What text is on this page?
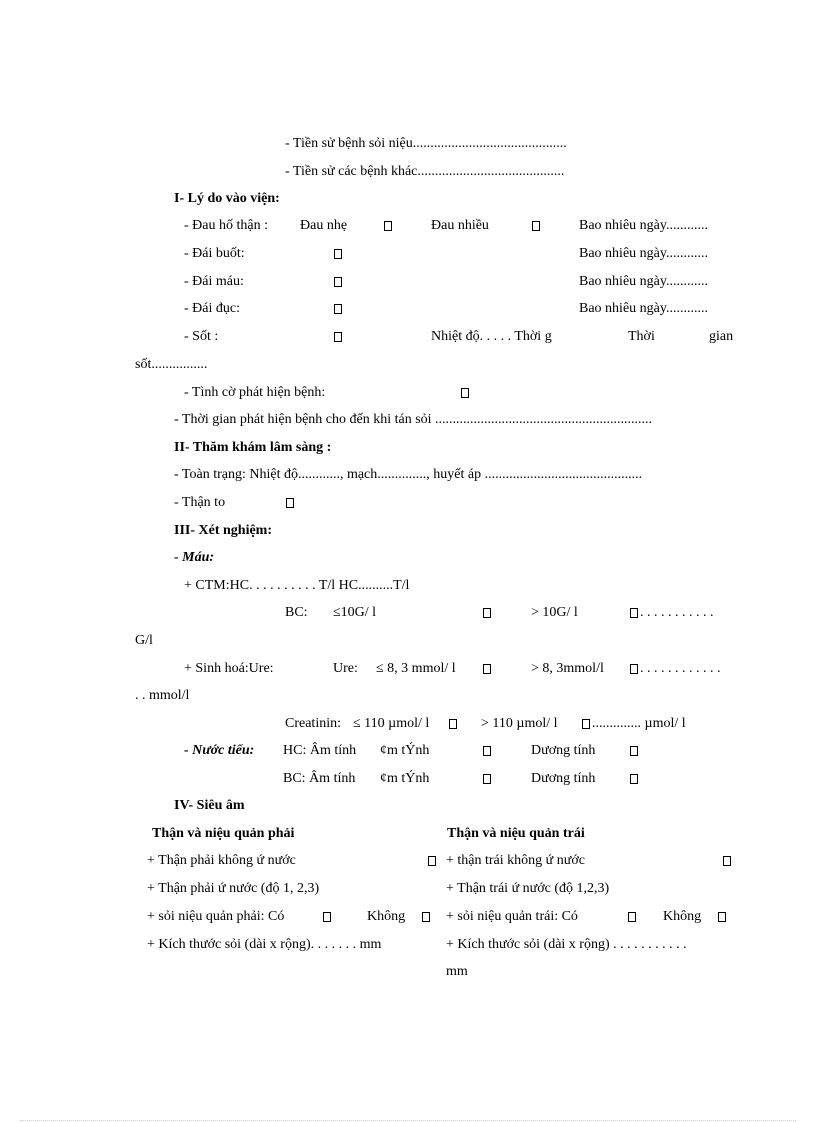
- Tiền sử bệnh sỏi niệu............................................
- Tiền sử các bệnh khác..........................................
I- Lý do vào viện:
- Đau hố thận : Đau nhẹ	Đau nhiều	Bao nhiêu ngày............
- Đái buốt:	Bao nhiêu ngày............
- Đái máu:	Bao nhiêu ngày............
- Đái đục:	Bao nhiêu ngày............
- Sốt :	Nhiệt độ. . . . . Thời g	Thời	gian
sốt................
- Tình cờ phát hiện bệnh:
- Thời gian phát hiện bệnh cho đến khi tán sỏi ..............................................................
II- Thăm khám lâm sàng :
- Toàn trạng: Nhiệt độ............, mạch.............., huyết áp .............................................
- Thận to
III- Xét nghiệm:
- Máu:
+ CTM:HC. . . . . . . . . . T/l HC..........T/l
BC: ≤10G/ l	> 10G/ l	. . . . . . . . . . .
G/l
+ Sinh hoá:Ure:	Ure: ≤ 8, 3 mmol/ l	> 8, 3mmol/l	. . . . . . . . . . . .
. . mmol/l
Creatinin: ≤ 110 µmol/ l	> 110 µmol/ l .............. µmol/ l
- Nước tiểu: HC: Âm tính ¢m tÝnh	Dương tính
BC: Âm tính ¢m tÝnh	Dương tính
IV- Siêu âm
Thận và niệu quản phải	Thận và niệu quản trái
+ Thận phải không ứ nước	+ thận trái không ứ nước
+ Thận phải ứ nước (độ 1, 2,3)	+ Thận trái ứ nước (độ 1,2,3)
+ sỏi niệu quản phải: Có	Không	+ sỏi niệu quản trái: Có	Không
+ Kích thước sỏi (dài x rộng). . . . . . . mm	+ Kích thước sỏi (dài x rộng) . . . . . . . . . . .
mm
